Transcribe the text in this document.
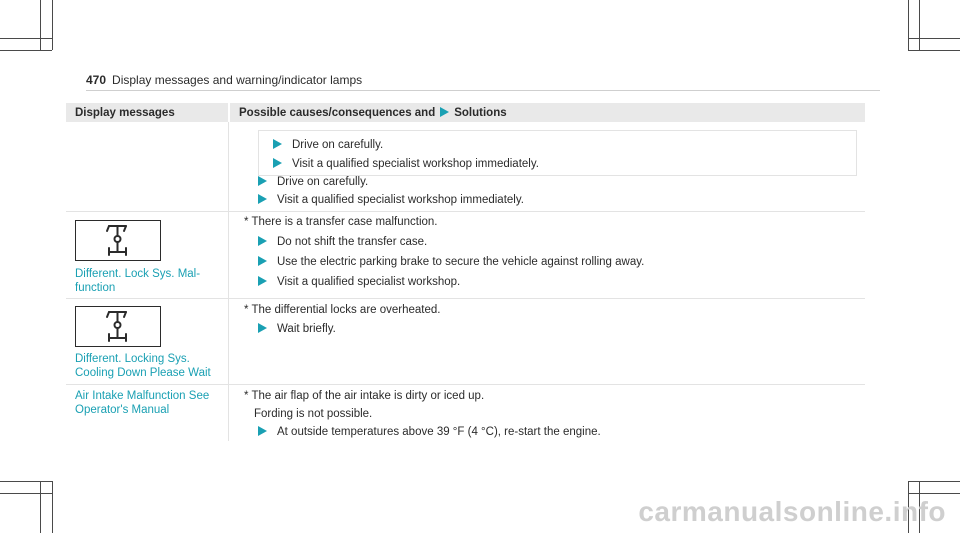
470 Display messages and warning/indicator lamps
Display messages	Possible causes/consequences and Solutions
Drive on carefully.
Visit a qualified specialist workshop immediately.
Drive on carefully.
Visit a qualified specialist workshop immediately.
Different. Lock Sys. Mal-
function
* There is a transfer case malfunction.
Do not shift the transfer case.
Use the electric parking brake to secure the vehicle against rolling away.
Visit a qualified specialist workshop.
Different. Locking Sys.
Cooling Down Please Wait
* The differential locks are overheated.
Wait briefly.
Air Intake Malfunction See
Operator's Manual
* The air flap of the air intake is dirty or iced up.
Fording is not possible.
At outside temperatures above 39 °F (4 °C), re-start the engine.
carmanualsonline.info
